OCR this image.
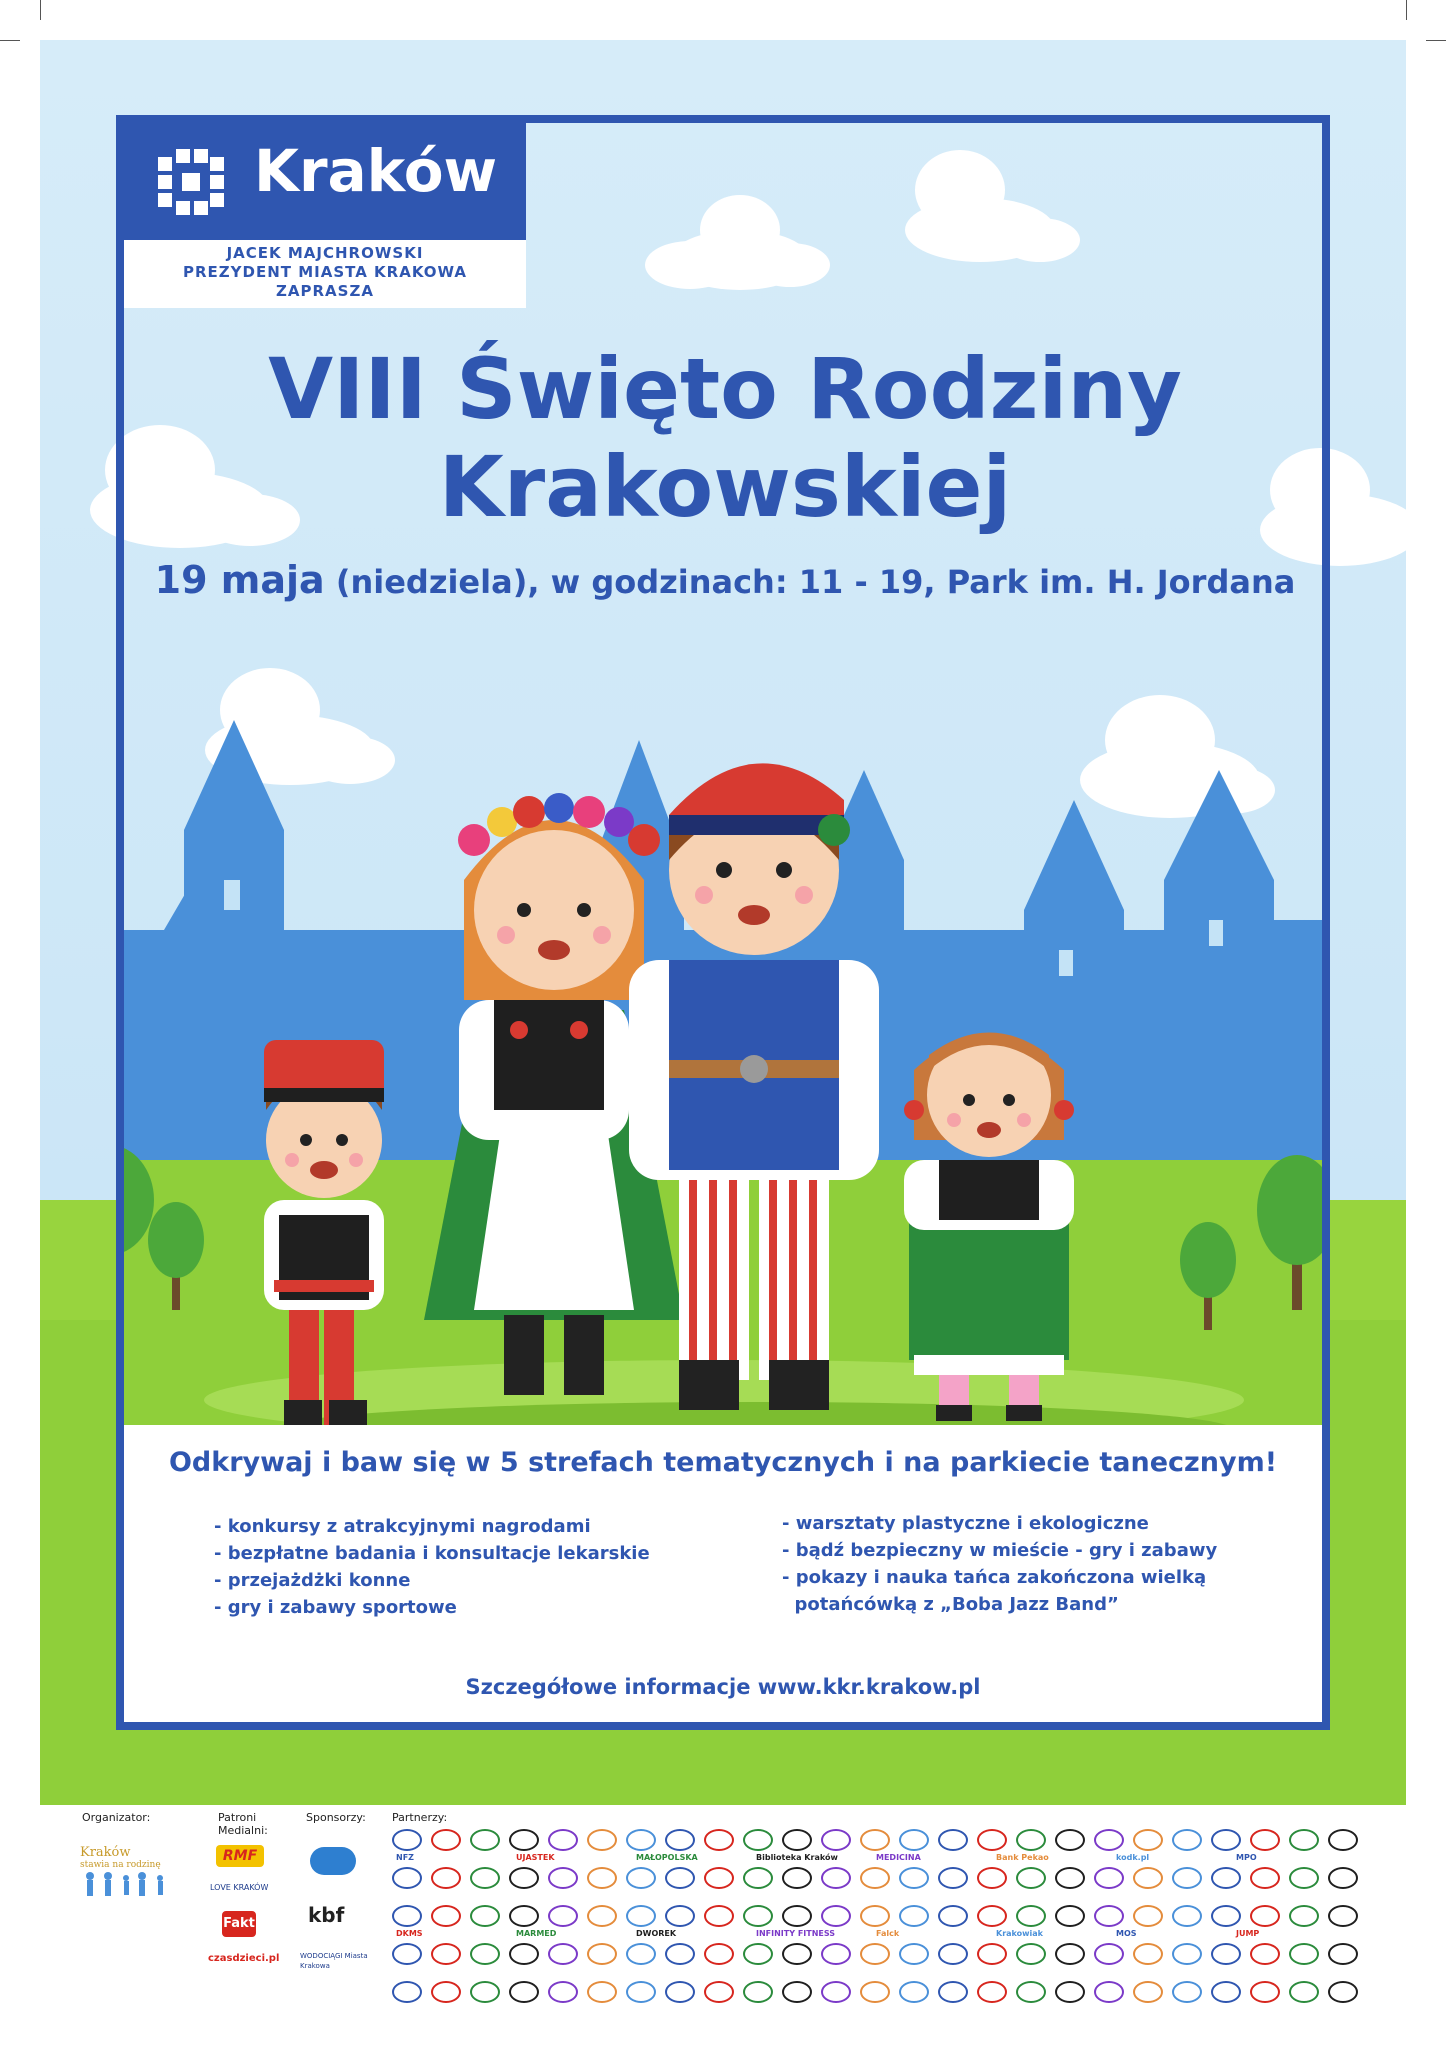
Kraków
JACEK MAJCHROWSKI
PREZYDENT MIASTA KRAKOWA
ZAPRASZA
VIII Święto Rodziny
Krakowskiej
19 maja (niedziela), w godzinach: 11 - 19, Park im. H. Jordana
Odkrywaj i baw się w 5 strefach tematycznych i na parkiecie tanecznym!
- konkursy z atrakcyjnymi nagrodami
- bezpłatne badania i konsultacje lekarskie
- przejażdżki konne
- gry i zabawy sportowe
- warsztaty plastyczne i ekologiczne
- bądź bezpieczny w mieście - gry i zabawy
- pokazy i nauka tańca zakończona wielką
potańcówką z „Boba Jazz Band”
Szczegółowe informacje www.kkr.krakow.pl
Organizator:	Patroni
Medialni:
Sponsorzy: Partnerzy:
Kraków
stawia na rodzinę
RMF
LOVE KRAKÓW
Fakt
czasdzieci.pl
kbf
WODOCIĄGI Miasta Krakowa
NFZ	UJASTEK	MAŁOPOLSKA	Biblioteka Kraków	MEDICINA	Bank Pekao	kodk.pl	MPO
DKMS	MARMED	DWOREK	INFINITY FITNESS	Falck	Krakowiak	MOS	JUMP
